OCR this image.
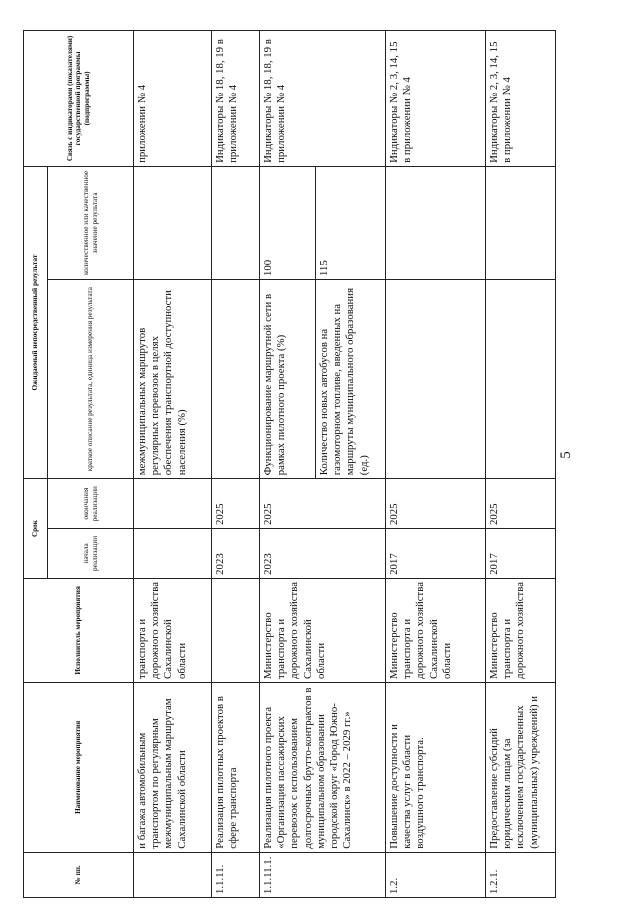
5
№ пп.	Наименование мероприятия	Исполнитель мероприятия	Срок		Ожидаемый непосредственный результат		Связь с индикаторами (показателями) государственной программы (подпрограммы)
			начала реализации	окончания реализации	краткое описание результата, единица измерения результата	количественное или качественное значение результата	
	и багажа автомобильным транспортом по регулярным межмуниципальным маршрутам Сахалинской области	транспорта и дорожного хозяйства Сахалинской области			межмуниципальных маршрутов регулярных перевозок в целях обеспечения транспортной доступности населения (%)		приложении № 4
1.1.11.	Реализация пилотных проектов в сфере транспорта		2023	2025			Индикаторы № 18, 18, 19 в приложении № 4
1.1.11.1.	Реализация пилотного проекта «Организация пассажирских перевозок с использованием долгосрочных брутто-контрактов в муниципальном образовании городской округ «Город Южно-Сахалинск» в 2022 – 2029 гг.»	Министерство транспорта и дорожного хозяйства Сахалинской области	2023	2025	Функционирование маршрутной сети в рамках пилотного проекта (%)	100	Индикаторы № 18, 18, 19 в приложении № 4
					Количество новых автобусов на газомоторном топливе, введенных на маршруты муниципального образования (ед.)	115	
1.2.	Повышение доступности и качества услуг в области воздушного транспорта.	Министерство транспорта и дорожного хозяйства Сахалинской области	2017	2025			Индикаторы № 2, 3, 14, 15 в приложении № 4
1.2.1.	Предоставление субсидий юридическим лицам (за исключением государственных (муниципальных) учреждений) и	Министерство транспорта и дорожного хозяйства	2017	2025			Индикаторы № 2, 3, 14, 15 в приложении № 4
